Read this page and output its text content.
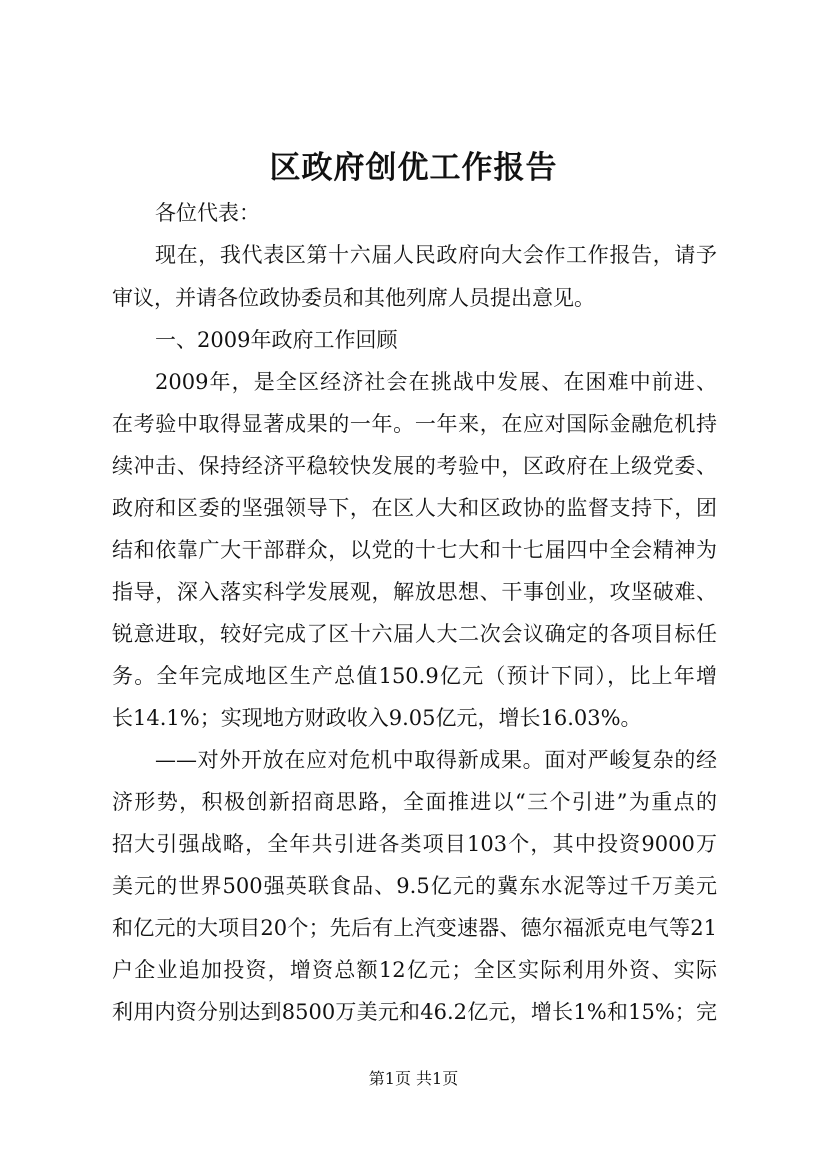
区政府创优工作报告
各位代表：
现在，我代表区第十六届人民政府向大会作工作报告，请予
审议，并请各位政协委员和其他列席人员提出意见。
一、2009年政府工作回顾
2009年，是全区经济社会在挑战中发展、在困难中前进、
在考验中取得显著成果的一年。一年来，在应对国际金融危机持
续冲击、保持经济平稳较快发展的考验中，区政府在上级党委、
政府和区委的坚强领导下，在区人大和区政协的监督支持下，团
结和依靠广大干部群众，以党的十七大和十七届四中全会精神为
指导，深入落实科学发展观，解放思想、干事创业，攻坚破难、
锐意进取，较好完成了区十六届人大二次会议确定的各项目标任
务。全年完成地区生产总值150.9亿元（预计下同），比上年增
长14.1%；实现地方财政收入9.05亿元，增长16.03%。
——对外开放在应对危机中取得新成果。面对严峻复杂的经
济形势，积极创新招商思路，全面推进以“三个引进”为重点的
招大引强战略，全年共引进各类项目103个，其中投资9000万
美元的世界500强英联食品、9.5亿元的冀东水泥等过千万美元
和亿元的大项目20个；先后有上汽变速器、德尔福派克电气等21
户企业追加投资，增资总额12亿元；全区实际利用外资、实际
利用内资分别达到8500万美元和46.2亿元，增长1%和15%；完
第1页 共1页
